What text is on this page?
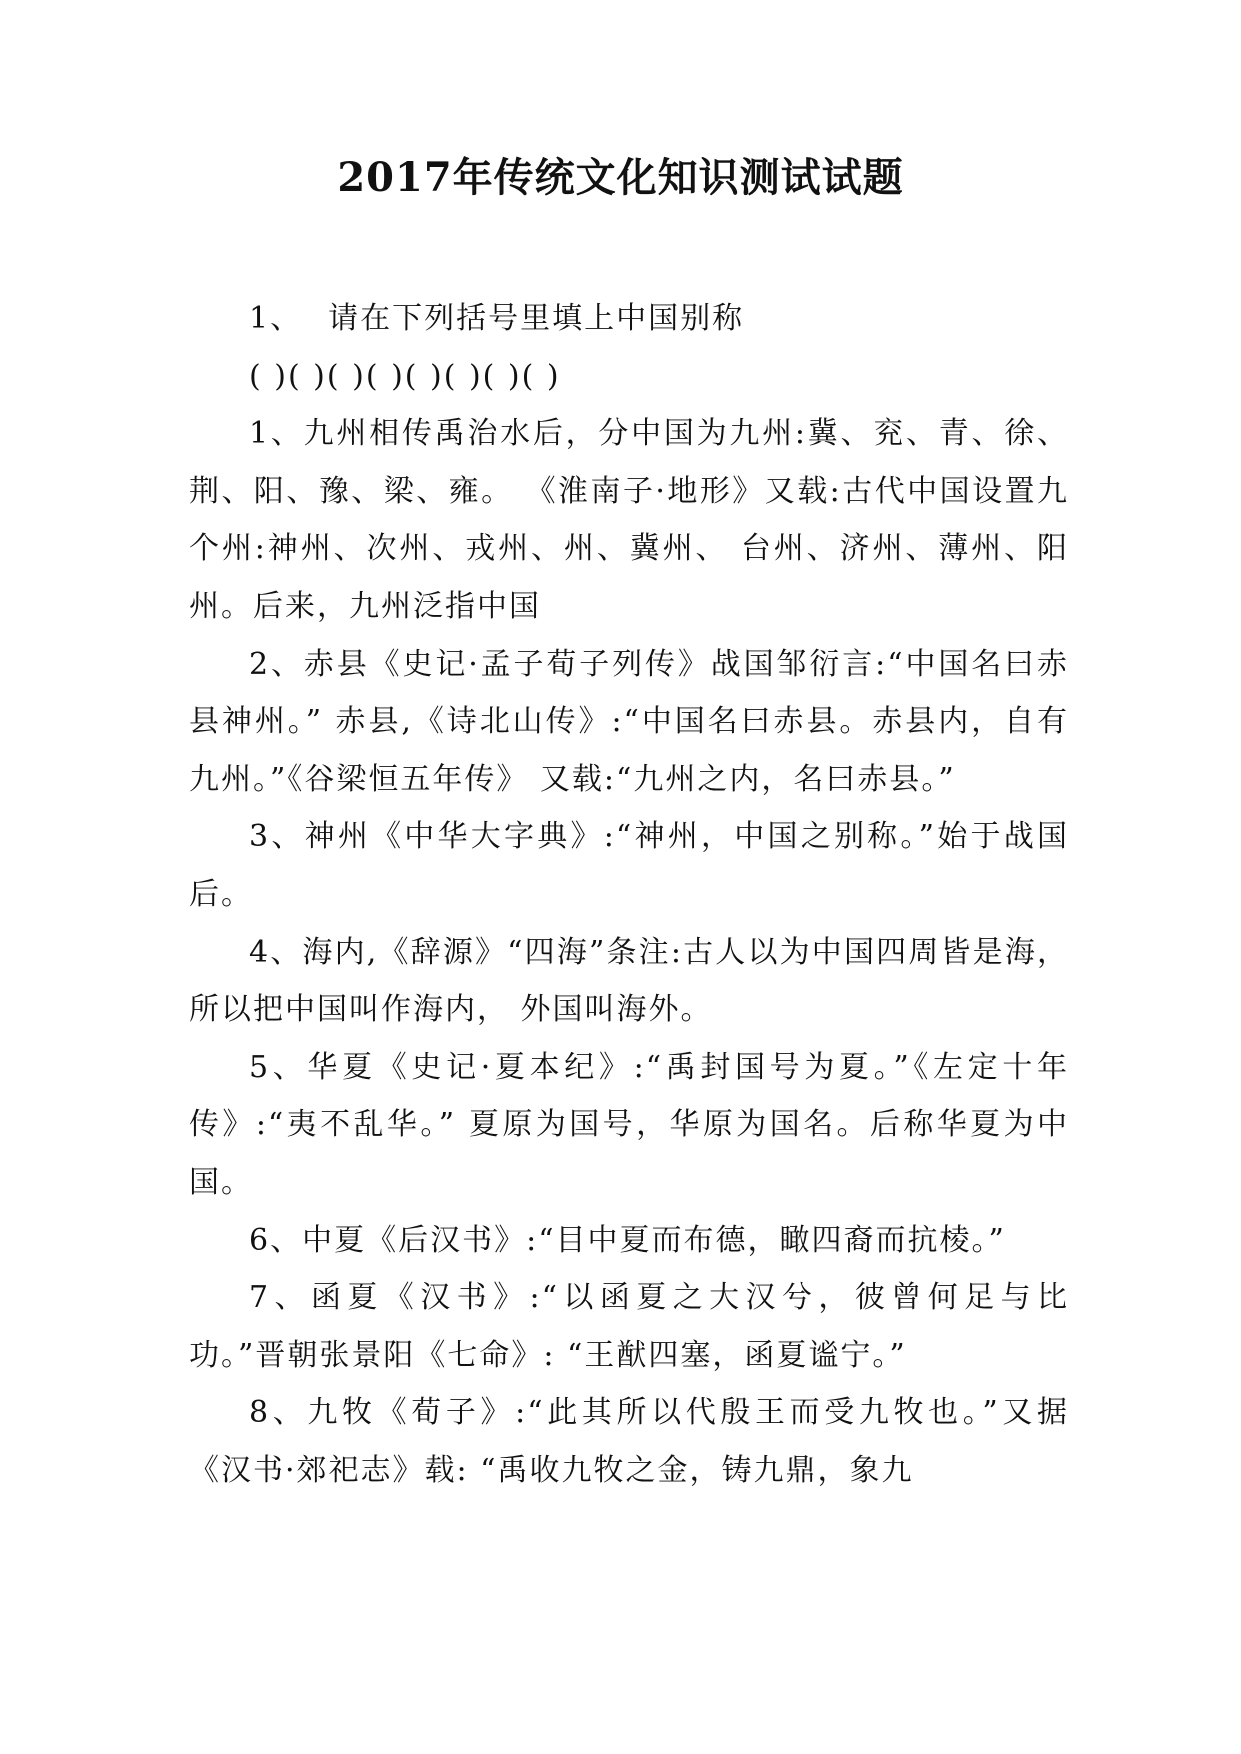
2017年传统文化知识测试试题

1、 请在下列括号里填上中国别称

( )( )( )( )( )( )( )( )

1、九州相传禹治水后，分中国为九州:冀、兖、青、徐、荆、阳、豫、梁、雍。 《淮南子·地形》又载:古代中国设置九个州:神州、次州、戎州、州、冀州、 台州、济州、薄州、阳州。后来，九州泛指中国

2、赤县《史记·孟子荀子列传》战国邹衍言:“中国名曰赤县神州。” 赤县,《诗北山传》:“中国名曰赤县。赤县内，自有九州。”《谷梁恒五年传》 又载:“九州之内，名曰赤县。”

3、神州《中华大字典》:“神州，中国之别称。”始于战国后。

4、海内,《辞源》“四海”条注:古人以为中国四周皆是海，所以把中国叫作海内， 外国叫海外。

5、华夏《史记·夏本纪》:“禹封国号为夏。”《左定十年传》:“夷不乱华。” 夏原为国号，华原为国名。后称华夏为中国。

6、中夏《后汉书》:“目中夏而布德，瞰四裔而抗棱。”

7、函夏《汉书》:“以函夏之大汉兮，彼曾何足与比功。”晋朝张景阳《七命》: “王猷四塞，函夏谧宁。”

8、九牧《荀子》:“此其所以代殷王而受九牧也。”又据《汉书·郊祀志》载: “禹收九牧之金，铸九鼎，象九
